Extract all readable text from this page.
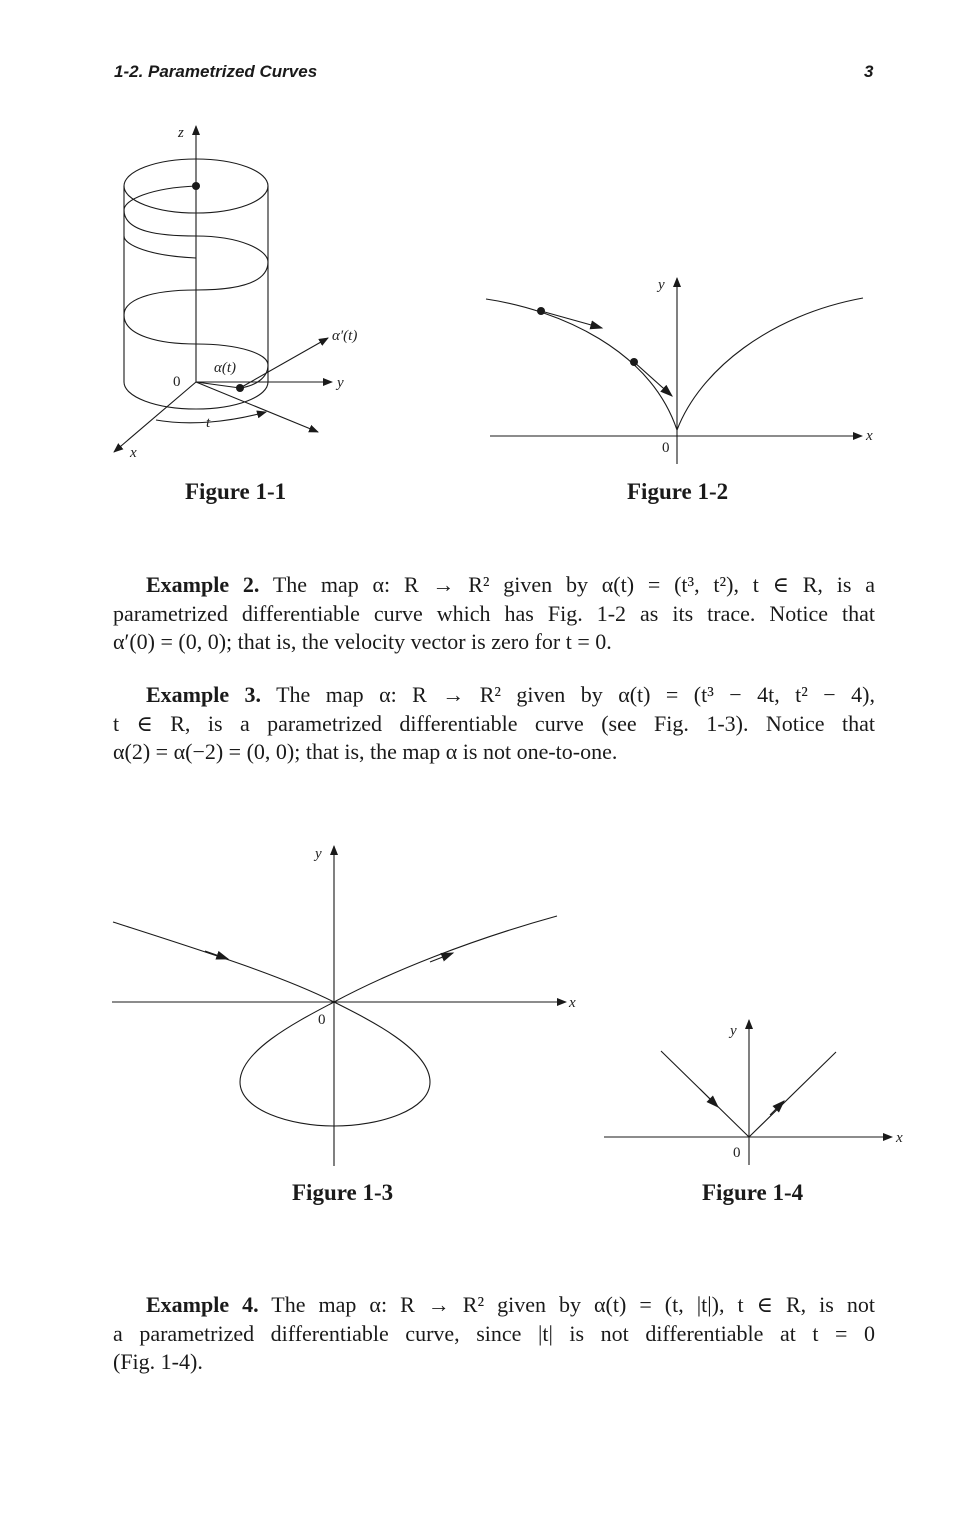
1-2. Parametrized Curves	3
z
y
x
0
α(t)
α′(t)
t
Figure 1-1
y
x
0
Figure 1-2
Example 2. The map α: R → R² given by α(t) = (t³, t²), t ∈ R, is a
parametrized differentiable curve which has Fig. 1-2 as its trace. Notice that
α′(0) = (0, 0); that is, the velocity vector is zero for t = 0.
Example 3. The map α: R → R² given by α(t) = (t³ − 4t, t² − 4),
t ∈ R, is a parametrized differentiable curve (see Fig. 1-3). Notice that
α(2) = α(−2) = (0, 0); that is, the map α is not one-to-one.
y
x
0
Figure 1-3
y
x
0
Figure 1-4
Example 4. The map α: R → R² given by α(t) = (t, |t|), t ∈ R, is not
a parametrized differentiable curve, since |t| is not differentiable at t = 0
(Fig. 1-4).
